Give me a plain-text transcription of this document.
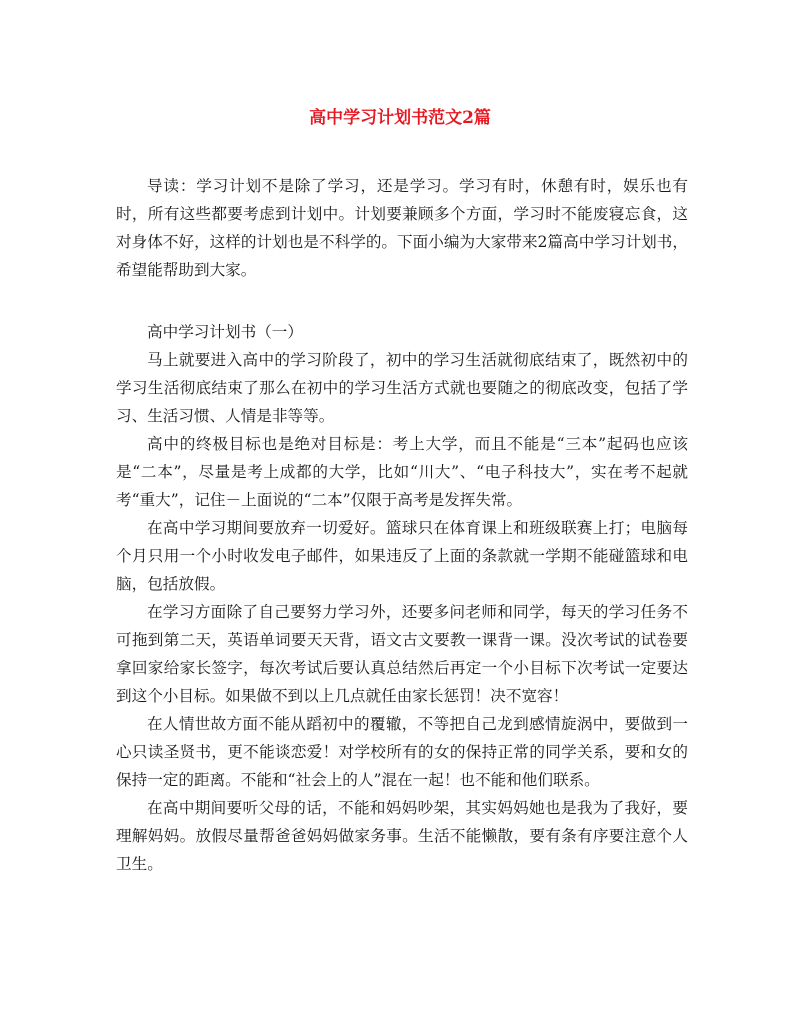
高中学习计划书范文2篇

导读：学习计划不是除了学习，还是学习。学习有时，休憩有时，娱乐也有时，所有这些都要考虑到计划中。计划要兼顾多个方面，学习时不能废寝忘食，这对身体不好，这样的计划也是不科学的。下面小编为大家带来2篇高中学习计划书，希望能帮助到大家。

高中学习计划书（一）

马上就要进入高中的学习阶段了，初中的学习生活就彻底结束了，既然初中的学习生活彻底结束了那么在初中的学习生活方式就也要随之的彻底改变，包括了学习、生活习惯、人情是非等等。

高中的终极目标也是绝对目标是：考上大学，而且不能是“三本”起码也应该是“二本”，尽量是考上成都的大学，比如“川大”、“电子科技大”，实在考不起就考“重大”，记住－上面说的“二本”仅限于高考是发挥失常。

在高中学习期间要放弃一切爱好。篮球只在体育课上和班级联赛上打；电脑每个月只用一个小时收发电子邮件，如果违反了上面的条款就一学期不能碰篮球和电脑，包括放假。

在学习方面除了自己要努力学习外，还要多问老师和同学，每天的学习任务不可拖到第二天，英语单词要天天背，语文古文要教一课背一课。没次考试的试卷要拿回家给家长签字，每次考试后要认真总结然后再定一个小目标下次考试一定要达到这个小目标。如果做不到以上几点就任由家长惩罚！决不宽容！

在人情世故方面不能从蹈初中的覆辙，不等把自己龙到感情旋涡中，要做到一心只读圣贤书，更不能谈恋爱！对学校所有的女的保持正常的同学关系，要和女的保持一定的距离。不能和“社会上的人”混在一起！也不能和他们联系。

在高中期间要听父母的话，不能和妈妈吵架，其实妈妈她也是我为了我好，要理解妈妈。放假尽量帮爸爸妈妈做家务事。生活不能懒散，要有条有序要注意个人卫生。
